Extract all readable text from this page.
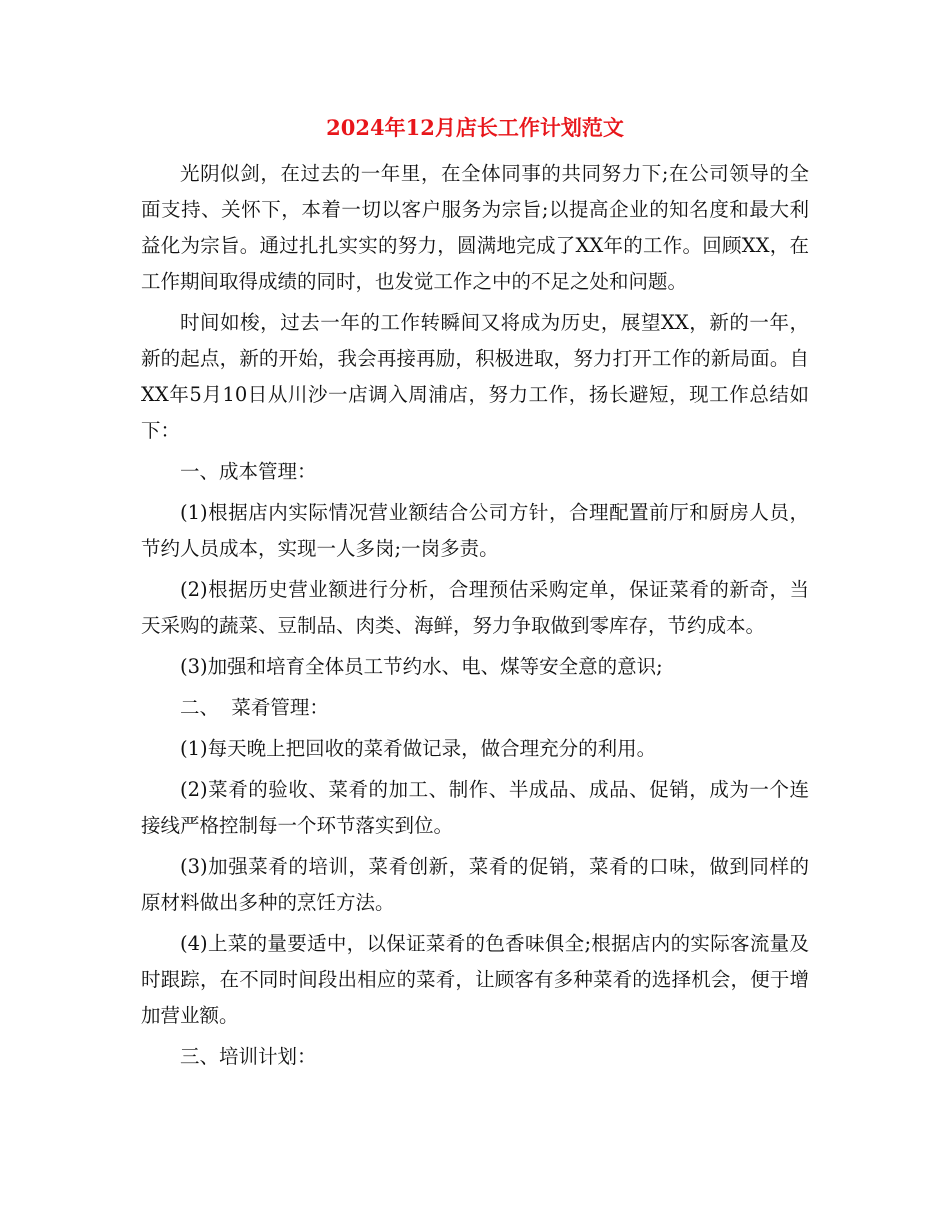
2024年12月店长工作计划范文

光阴似剑，在过去的一年里，在全体同事的共同努力下;在公司领导的全面支持、关怀下，本着一切以客户服务为宗旨;以提高企业的知名度和最大利益化为宗旨。通过扎扎实实的努力，圆满地完成了XX年的工作。回顾XX，在工作期间取得成绩的同时，也发觉工作之中的不足之处和问题。

时间如梭，过去一年的工作转瞬间又将成为历史，展望XX，新的一年，新的起点，新的开始，我会再接再励，积极进取，努力打开工作的新局面。自XX年5月10日从川沙一店调入周浦店，努力工作，扬长避短，现工作总结如下：

一、成本管理：

(1)根据店内实际情况营业额结合公司方针，合理配置前厅和厨房人员，节约人员成本，实现一人多岗;一岗多责。

(2)根据历史营业额进行分析，合理预估采购定单，保证菜肴的新奇，当天采购的蔬菜、豆制品、肉类、海鲜，努力争取做到零库存，节约成本。

(3)加强和培育全体员工节约水、电、煤等安全意的意识;

二、  菜肴管理：

(1)每天晚上把回收的菜肴做记录，做合理充分的利用。

(2)菜肴的验收、菜肴的加工、制作、半成品、成品、促销，成为一个连接线严格控制每一个环节落实到位。

(3)加强菜肴的培训，菜肴创新，菜肴的促销，菜肴的口味，做到同样的原材料做出多种的烹饪方法。

(4)上菜的量要适中，以保证菜肴的色香味俱全;根据店内的实际客流量及时跟踪，在不同时间段出相应的菜肴，让顾客有多种菜肴的选择机会，便于增加营业额。

三、培训计划：
